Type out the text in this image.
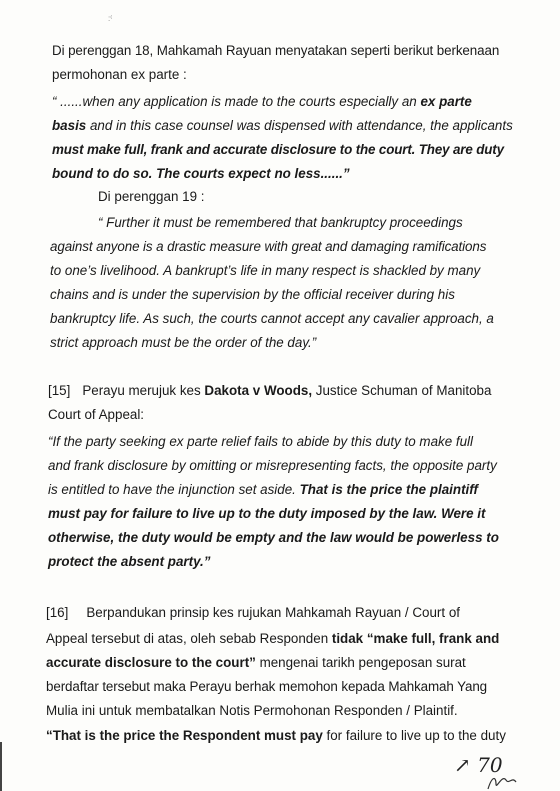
:⁽
Di perenggan 18, Mahkamah Rayuan menyatakan seperti berikut berkenaan
permohonan ex parte :
“ ......when any application is made to the courts especially an ex parte
basis and in this case counsel was dispensed with attendance, the applicants
must make full, frank and accurate disclosure to the court. They are duty
bound to do so. The courts expect no less......”
Di perenggan 19 :
“ Further it must be remembered that bankruptcy proceedings
against anyone is a drastic measure with great and damaging ramifications
to one’s livelihood. A bankrupt’s life in many respect is shackled by many
chains and is under the supervision by the official receiver during his
bankruptcy life. As such, the courts cannot accept any cavalier approach, a
strict approach must be the order of the day.”
[15] Perayu merujuk kes Dakota v Woods, Justice Schuman of Manitoba
Court of Appeal:
“If the party seeking ex parte relief fails to abide by this duty to make full
and frank disclosure by omitting or misrepresenting facts, the opposite party
is entitled to have the injunction set aside. That is the price the plaintiff
must pay for failure to live up to the duty imposed by the law. Were it
otherwise, the duty would be empty and the law would be powerless to
protect the absent party.”
[16] Berpandukan prinsip kes rujukan Mahkamah Rayuan / Court of
Appeal tersebut di atas, oleh sebab Responden tidak “make full, frank and
accurate disclosure to the court” mengenai tarikh pengeposan surat
berdaftar tersebut maka Perayu berhak memohon kepada Mahkamah Yang
Mulia ini untuk membatalkan Notis Permohonan Responden / Plaintif.
“That is the price the Respondent must pay for failure to live up to the duty
↗ 70
